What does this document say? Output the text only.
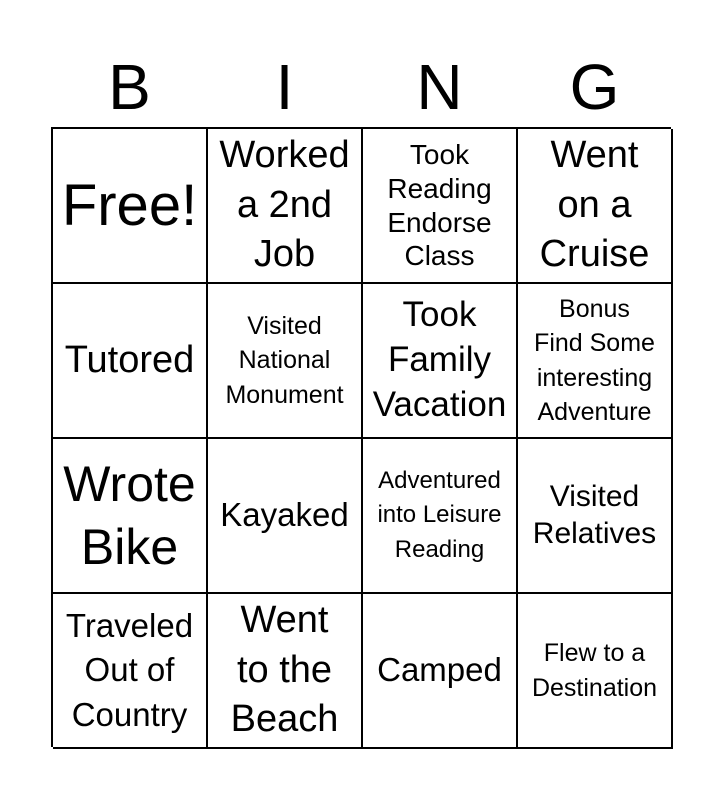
B	I	N	G
Free!
Worked
a 2nd
Job
Took
Reading
Endorse
Class
Went
on a
Cruise
Tutored
Visited
National
Monument
Took
Family
Vacation
Bonus
Find Some
interesting
Adventure
Wrote
Bike
Kayaked
Adventured
into Leisure
Reading
Visited
Relatives
Traveled
Out of
Country
Went
to the
Beach
Camped	Flew to a
Destination
